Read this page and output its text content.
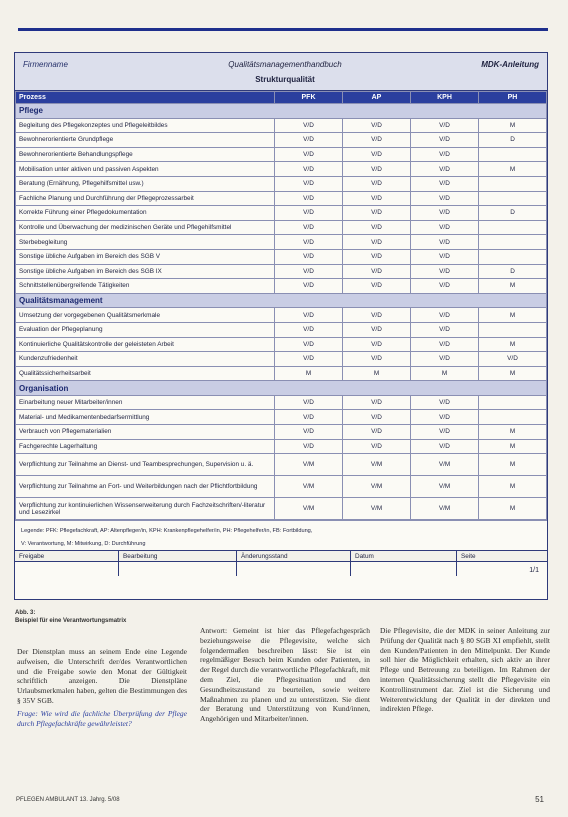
Firmenname	Qualitätsmanagementhandbuch
Strukturqualität
MDK-Anleitung
Prozess	PFK	AP	KPH	PH
Pflege				
Begleitung des Pflegekonzeptes und Pflegeleitbildes	V/D	V/D	V/D	M
Bewohnerorientierte Grundpflege	V/D	V/D	V/D	D
Bewohnerorientierte Behandlungspflege	V/D	V/D	V/D	
Mobilisation unter aktiven und passiven Aspekten	V/D	V/D	V/D	M
Beratung (Ernährung, Pflegehilfsmittel usw.)	V/D	V/D	V/D	
Fachliche Planung und Durchführung der Pflegeprozessarbeit	V/D	V/D	V/D	
Korrekte Führung einer Pflegedokumentation	V/D	V/D	V/D	D
Kontrolle und Überwachung der medizinischen Geräte und Pflegehilfsmittel	V/D	V/D	V/D	
Sterbebegleitung	V/D	V/D	V/D	
Sonstige übliche Aufgaben im Bereich des SGB V	V/D	V/D	V/D	
Sonstige übliche Aufgaben im Bereich des SGB IX	V/D	V/D	V/D	D
Schnittstellenübergreifende Tätigkeiten	V/D	V/D	V/D	M
Qualitätsmanagement				
Umsetzung der vorgegebenen Qualitätsmerkmale	V/D	V/D	V/D	M
Evaluation der Pflegeplanung	V/D	V/D	V/D	
Kontinuierliche Qualitätskontrolle der geleisteten Arbeit	V/D	V/D	V/D	M
Kundenzufriedenheit	V/D	V/D	V/D	V/D
Qualitätssicherheitsarbeit	M	M	M	M
Organisation				
Einarbeitung neuer Mitarbeiter/innen	V/D	V/D	V/D	
Material- und Medikamentenbedarfsermittlung	V/D	V/D	V/D	
Verbrauch von Pflegematerialien	V/D	V/D	V/D	M
Fachgerechte Lagerhaltung	V/D	V/D	V/D	M
Verpflichtung zur Teilnahme an Dienst- und Teambesprechungen, Supervision u. ä.	V/M	V/M	V/M	M
Verpflichtung zur Teilnahme an Fort- und Weiterbildungen nach der Pflichtfortbildung	V/M	V/M	V/M	M
Verpflichtung zur kontinuierlichen Wissenserweiterung durch Fachzeitschriften/-literatur und Lesezirkel	V/M	V/M	V/M	M
Legende: PFK: Pflegefachkraft, AP: Altenpfleger/in, KPH: Krankenpflegehelfer/in, PH: Pflegehelfer/in, FB: Fortbildung,
V: Verantwortung, M: Mitwirkung, D: Durchführung
Freigabe	Bearbeitung	Änderungsstand	Datum	Seite
1/1
Abb. 3:
Beispiel für eine Verantwortungsmatrix

Der Dienstplan muss an seinem Ende eine Legende aufweisen, die Unterschrift der/des Verantwortlichen und die Freigabe sowie den Monat der Gültigkeit schriftlich anzeigen. Die Dienstpläne Urlaubsmerkmalen haben, gelten die Bestimmungen des § 35V SGB.

Frage: Wie wird die fachliche Überprüfung der Pflege durch Pflegefachkräfte gewährleistet?

Antwort: Gemeint ist hier das Pflegefachgespräch beziehungsweise die Pflegevisite, welche sich folgendermaßen beschreiben lässt: Sie ist ein regelmäßiger Besuch beim Kunden oder Patienten, in der Regel durch die verantwortliche Pflegefachkraft, mit dem Ziel, die Pflegesituation und den Gesundheitszustand zu beurteilen, sowie weitere Maßnahmen zu planen und zu unterstützen. Sie dient der Beratung und Unterstützung von Kund/innen, Angehörigen und Mitarbeiter/innen.

Die Pflegevisite, die der MDK in seiner Anleitung zur Prüfung der Qualität nach § 80 SGB XI empfiehlt, stellt den Kunden/Patienten in den Mittelpunkt. Der Kunde soll hier die Möglichkeit erhalten, sich aktiv an ihrer Pflege und Betreuung zu beteiligen. Im Rahmen der internen Qualitätssicherung stellt die Pflegevisite ein Kontrollinstrument dar. Ziel ist die Sicherung und Weiterentwicklung der Qualität in der direkten und indirekten Pflege.

PFLEGEN AMBULANT 13. Jahrg. 5/08	51
